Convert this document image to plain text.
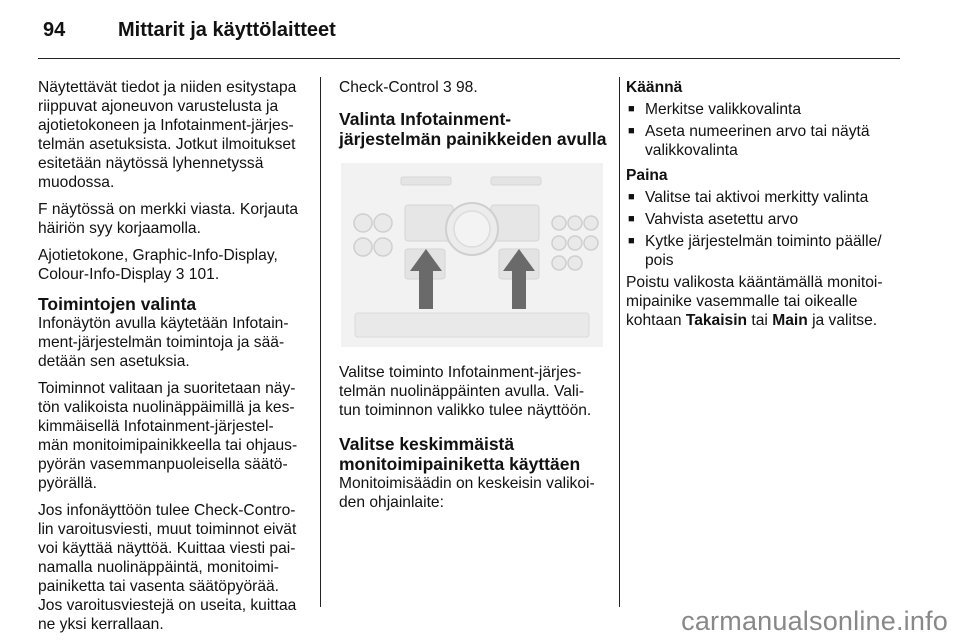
94	Mittarit ja käyttölaitteet

Näytettävät tiedot ja niiden esitystapa
riippuvat ajoneuvon varustelusta ja
ajotietokoneen ja Infotainment-järjes-
telmän asetuksista. Jotkut ilmoitukset
esitetään näytössä lyhennetyssä
muodossa.

F näytössä on merkki viasta. Korjauta
häiriön syy korjaamolla.

Ajotietokone, Graphic-Info-Display,
Colour-Info-Display 3 101.

Toimintojen valinta

Infonäytön avulla käytetään Infotain-
ment-järjestelmän toimintoja ja sää-
detään sen asetuksia.

Toiminnot valitaan ja suoritetaan näy-
tön valikoista nuolinäppäimillä ja kes-
kimmäisellä Infotainment-järjestel-
män monitoimipainikkeella tai ohjaus-
pyörän vasemmanpuoleisella säätö-
pyörällä.

Jos infonäyttöön tulee Check-Contro-
lin varoitusviesti, muut toiminnot eivät
voi käyttää näyttöä. Kuittaa viesti pai-
namalla nuolinäppäintä, monitoimi-
painiketta tai vasenta säätöpyörää.
Jos varoitusviestejä on useita, kuittaa
ne yksi kerrallaan.

Check-Control 3 98.

Valinta Infotainment-
järjestelmän painikkeiden avulla

Valitse toiminto Infotainment-järjes-
telmän nuolinäppäinten avulla. Vali-
tun toiminnon valikko tulee näyttöön.

Valitse keskimmäistä
monitoimipainiketta käyttäen

Monitoimisäädin on keskeisin valikoi-
den ohjainlaite:

Käännä
■ Merkitse valikkovalinta
■ Aseta numeerinen arvo tai näytä
valikkovalinta
Paina
■ Valitse tai aktivoi merkitty valinta
■ Vahvista asetettu arvo
■ Kytke järjestelmän toiminto päälle/
pois

Poistu valikosta kääntämällä monitoi-
mipainike vasemmalle tai oikealle
kohtaan Takaisin tai Main ja valitse.

carmanualsonline.info
